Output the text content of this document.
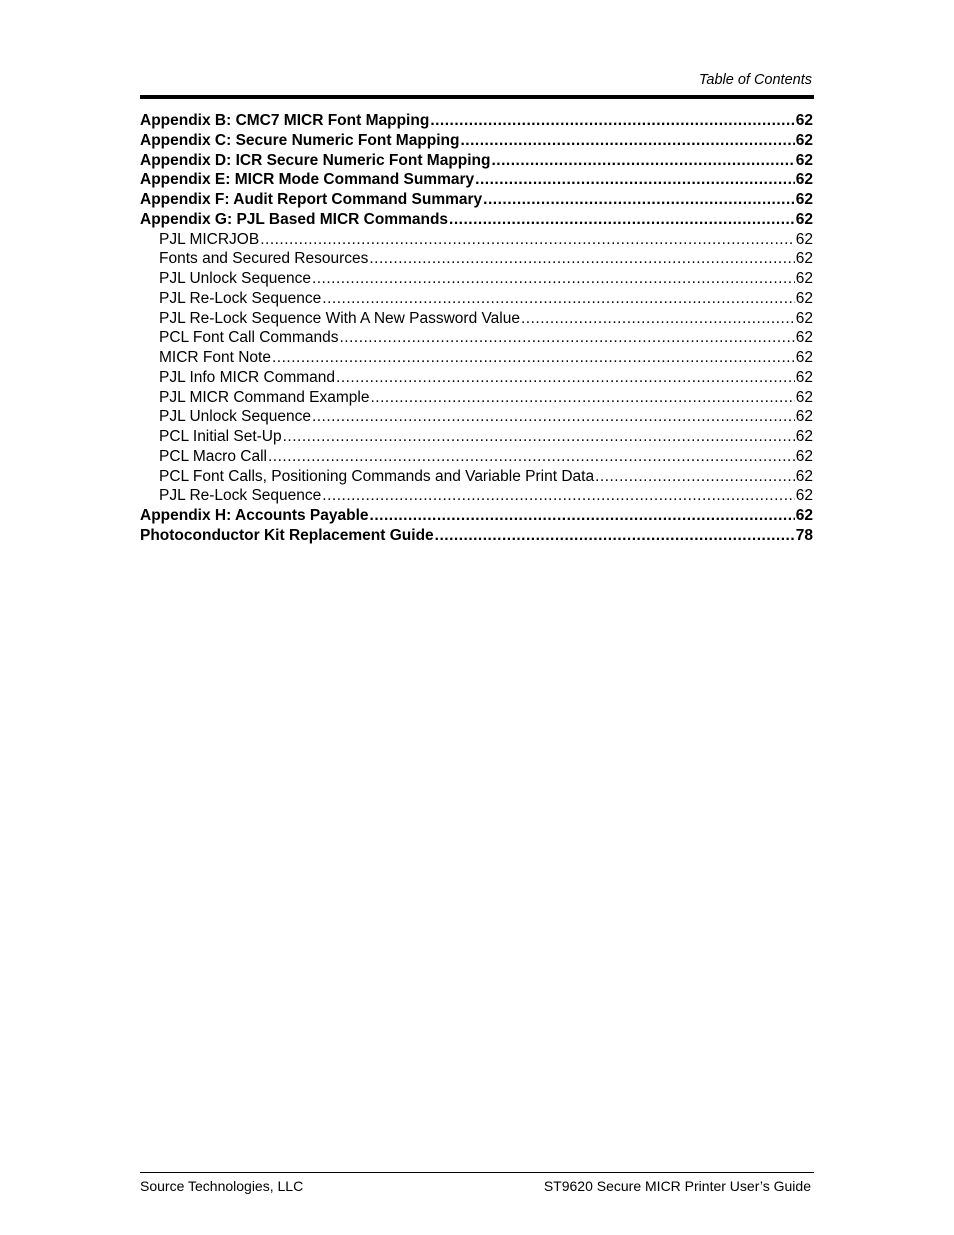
Table of Contents
Appendix B: CMC7 MICR Font Mapping .....	62
Appendix C: Secure Numeric Font Mapping .....	62
Appendix D: ICR Secure Numeric Font Mapping .....	62
Appendix E: MICR Mode Command Summary .....	62
Appendix F: Audit Report Command Summary .....	62
Appendix G: PJL Based MICR Commands .....	62
PJL MICRJOB .....	62
Fonts and Secured Resources .....	62
PJL Unlock Sequence .....	62
PJL Re-Lock Sequence .....	62
PJL Re-Lock Sequence With A New Password Value .....	62
PCL Font Call Commands .....	62
MICR Font Note .....	62
PJL Info MICR Command .....	62
PJL MICR Command Example .....	62
PJL Unlock Sequence .....	62
PCL Initial Set-Up .....	62
PCL Macro Call .....	62
PCL Font Calls, Positioning Commands and Variable Print Data .....	62
PJL Re-Lock Sequence .....	62
Appendix H: Accounts Payable .....	62
Photoconductor Kit Replacement Guide .....	78
Source Technologies, LLC	ST9620 Secure MICR Printer User’s Guide
